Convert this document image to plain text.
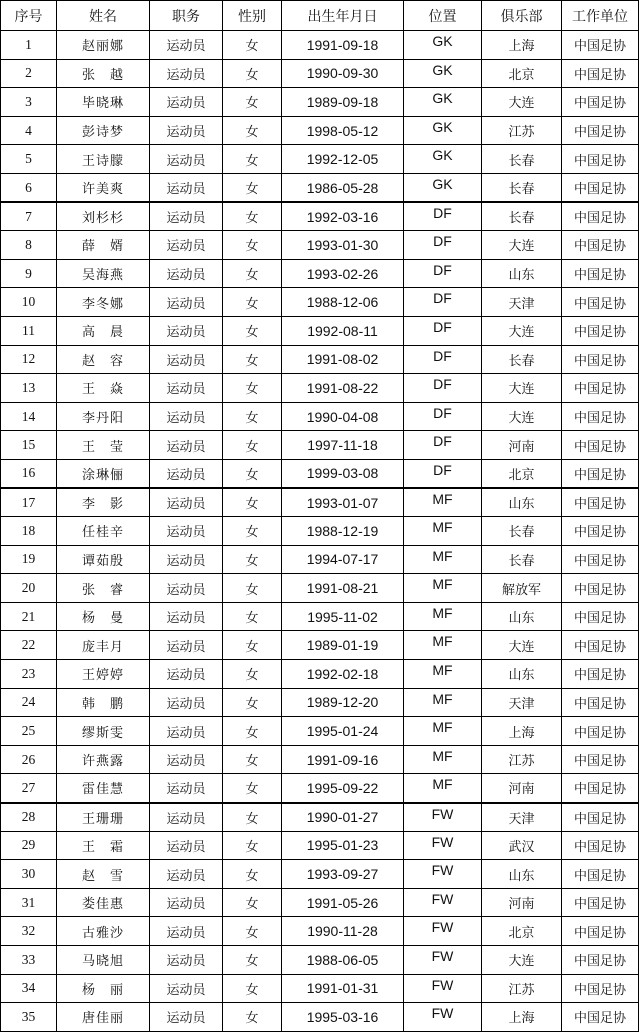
序号	姓名	职务	性别	出生年月日	位置	俱乐部	工作单位
1	赵丽娜	运动员	女	1991-09-18	GK	上海	中国足协
2	张　越	运动员	女	1990-09-30	GK	北京	中国足协
3	毕晓琳	运动员	女	1989-09-18	GK	大连	中国足协
4	彭诗梦	运动员	女	1998-05-12	GK	江苏	中国足协
5	王诗朦	运动员	女	1992-12-05	GK	长春	中国足协
6	许美爽	运动员	女	1986-05-28	GK	长春	中国足协
7	刘杉杉	运动员	女	1992-03-16	DF	长春	中国足协
8	薛　婿	运动员	女	1993-01-30	DF	大连	中国足协
9	吴海燕	运动员	女	1993-02-26	DF	山东	中国足协
10	李冬娜	运动员	女	1988-12-06	DF	天津	中国足协
11	高　晨	运动员	女	1992-08-11	DF	大连	中国足协
12	赵　容	运动员	女	1991-08-02	DF	长春	中国足协
13	王　焱	运动员	女	1991-08-22	DF	大连	中国足协
14	李丹阳	运动员	女	1990-04-08	DF	大连	中国足协
15	王　莹	运动员	女	1997-11-18	DF	河南	中国足协
16	涂琳俪	运动员	女	1999-03-08	DF	北京	中国足协
17	李　影	运动员	女	1993-01-07	MF	山东	中国足协
18	任桂辛	运动员	女	1988-12-19	MF	长春	中国足协
19	谭茹殷	运动员	女	1994-07-17	MF	长春	中国足协
20	张　睿	运动员	女	1991-08-21	MF	解放军	中国足协
21	杨　曼	运动员	女	1995-11-02	MF	山东	中国足协
22	庞丰月	运动员	女	1989-01-19	MF	大连	中国足协
23	王婷婷	运动员	女	1992-02-18	MF	山东	中国足协
24	韩　鹏	运动员	女	1989-12-20	MF	天津	中国足协
25	缪斯雯	运动员	女	1995-01-24	MF	上海	中国足协
26	许燕露	运动员	女	1991-09-16	MF	江苏	中国足协
27	雷佳慧	运动员	女	1995-09-22	MF	河南	中国足协
28	王珊珊	运动员	女	1990-01-27	FW	天津	中国足协
29	王　霜	运动员	女	1995-01-23	FW	武汉	中国足协
30	赵　雪	运动员	女	1993-09-27	FW	山东	中国足协
31	娄佳惠	运动员	女	1991-05-26	FW	河南	中国足协
32	古雅沙	运动员	女	1990-11-28	FW	北京	中国足协
33	马晓旭	运动员	女	1988-06-05	FW	大连	中国足协
34	杨　丽	运动员	女	1991-01-31	FW	江苏	中国足协
35	唐佳丽	运动员	女	1995-03-16	FW	上海	中国足协
